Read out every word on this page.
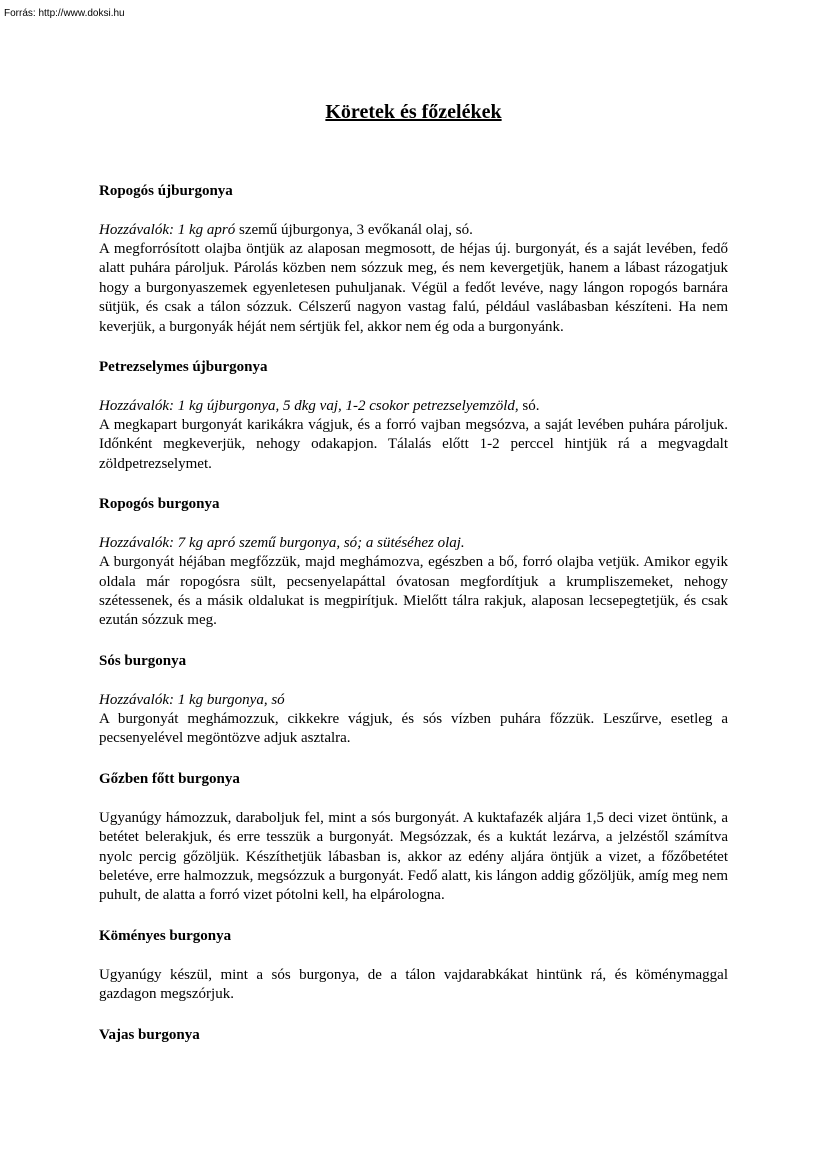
Forrás: http://www.doksi.hu
Köretek és főzelékek
Ropogós újburgonya
Hozzávalók: 1 kg apró szemű újburgonya, 3 evőkanál olaj, só.

A megforrósított olajba öntjük az alaposan megmosott, de héjas új. burgonyát, és a saját levében, fedő alatt puhára pároljuk. Párolás közben nem sózzuk meg, és nem kevergetjük, hanem a lábast rázogatjuk hogy a burgonyaszemek egyenletesen puhuljanak. Végül a fedőt levéve, nagy lángon ropogós barnára sütjük, és csak a tálon sózzuk. Célszerű nagyon vastag falú, például vaslábasban készíteni. Ha nem keverjük, a burgonyák héját nem sértjük fel, akkor nem ég oda a burgonyánk.

Petrezselymes újburgonya
Hozzávalók: 1 kg újburgonya, 5 dkg vaj, 1-2 csokor petrezselyemzöld, só.

A megkapart burgonyát karikákra vágjuk, és a forró vajban megsózva, a saját levében puhára pároljuk. Időnként megkeverjük, nehogy odakapjon. Tálalás előtt 1-2 perccel hintjük rá a megvagdalt zöldpetrezselymet.

Ropogós burgonya
Hozzávalók: 7 kg apró szemű burgonya, só; a sütéséhez olaj.

A burgonyát héjában megfőzzük, majd meghámozva, egészben a bő, forró olajba vetjük. Amikor egyik oldala már ropogósra sült, pecsenyelapáttal óvatosan megfordítjuk a krumpliszemeket, nehogy szétessenek, és a másik oldalukat is megpirítjuk. Mielőtt tálra rakjuk, alaposan lecsepegtetjük, és csak ezután sózzuk meg.

Sós burgonya
Hozzávalók: 1 kg burgonya, só

A burgonyát meghámozzuk, cikkekre vágjuk, és sós vízben puhára főzzük. Leszűrve, esetleg a pecsenyelével megöntözve adjuk asztalra.

Gőzben főtt burgonya

Ugyanúgy hámozzuk, daraboljuk fel, mint a sós burgonyát. A kuktafazék aljára 1,5 deci vizet öntünk, a betétet belerakjuk, és erre tesszük a burgonyát. Megsózzak, és a kuktát lezárva, a jelzéstől számítva nyolc percig gőzöljük. Készíthetjük lábasban is, akkor az edény aljára öntjük a vizet, a főzőbetétet beletéve, erre halmozzuk, megsózzuk a burgonyát. Fedő alatt, kis lángon addig gőzöljük, amíg meg nem puhult, de alatta a forró vizet pótolni kell, ha elpárologna.

Köményes burgonya

Ugyanúgy készül, mint a sós burgonya, de a tálon vajdarabkákat hintünk rá, és köménymaggal gazdagon megszórjuk.

Vajas burgonya
